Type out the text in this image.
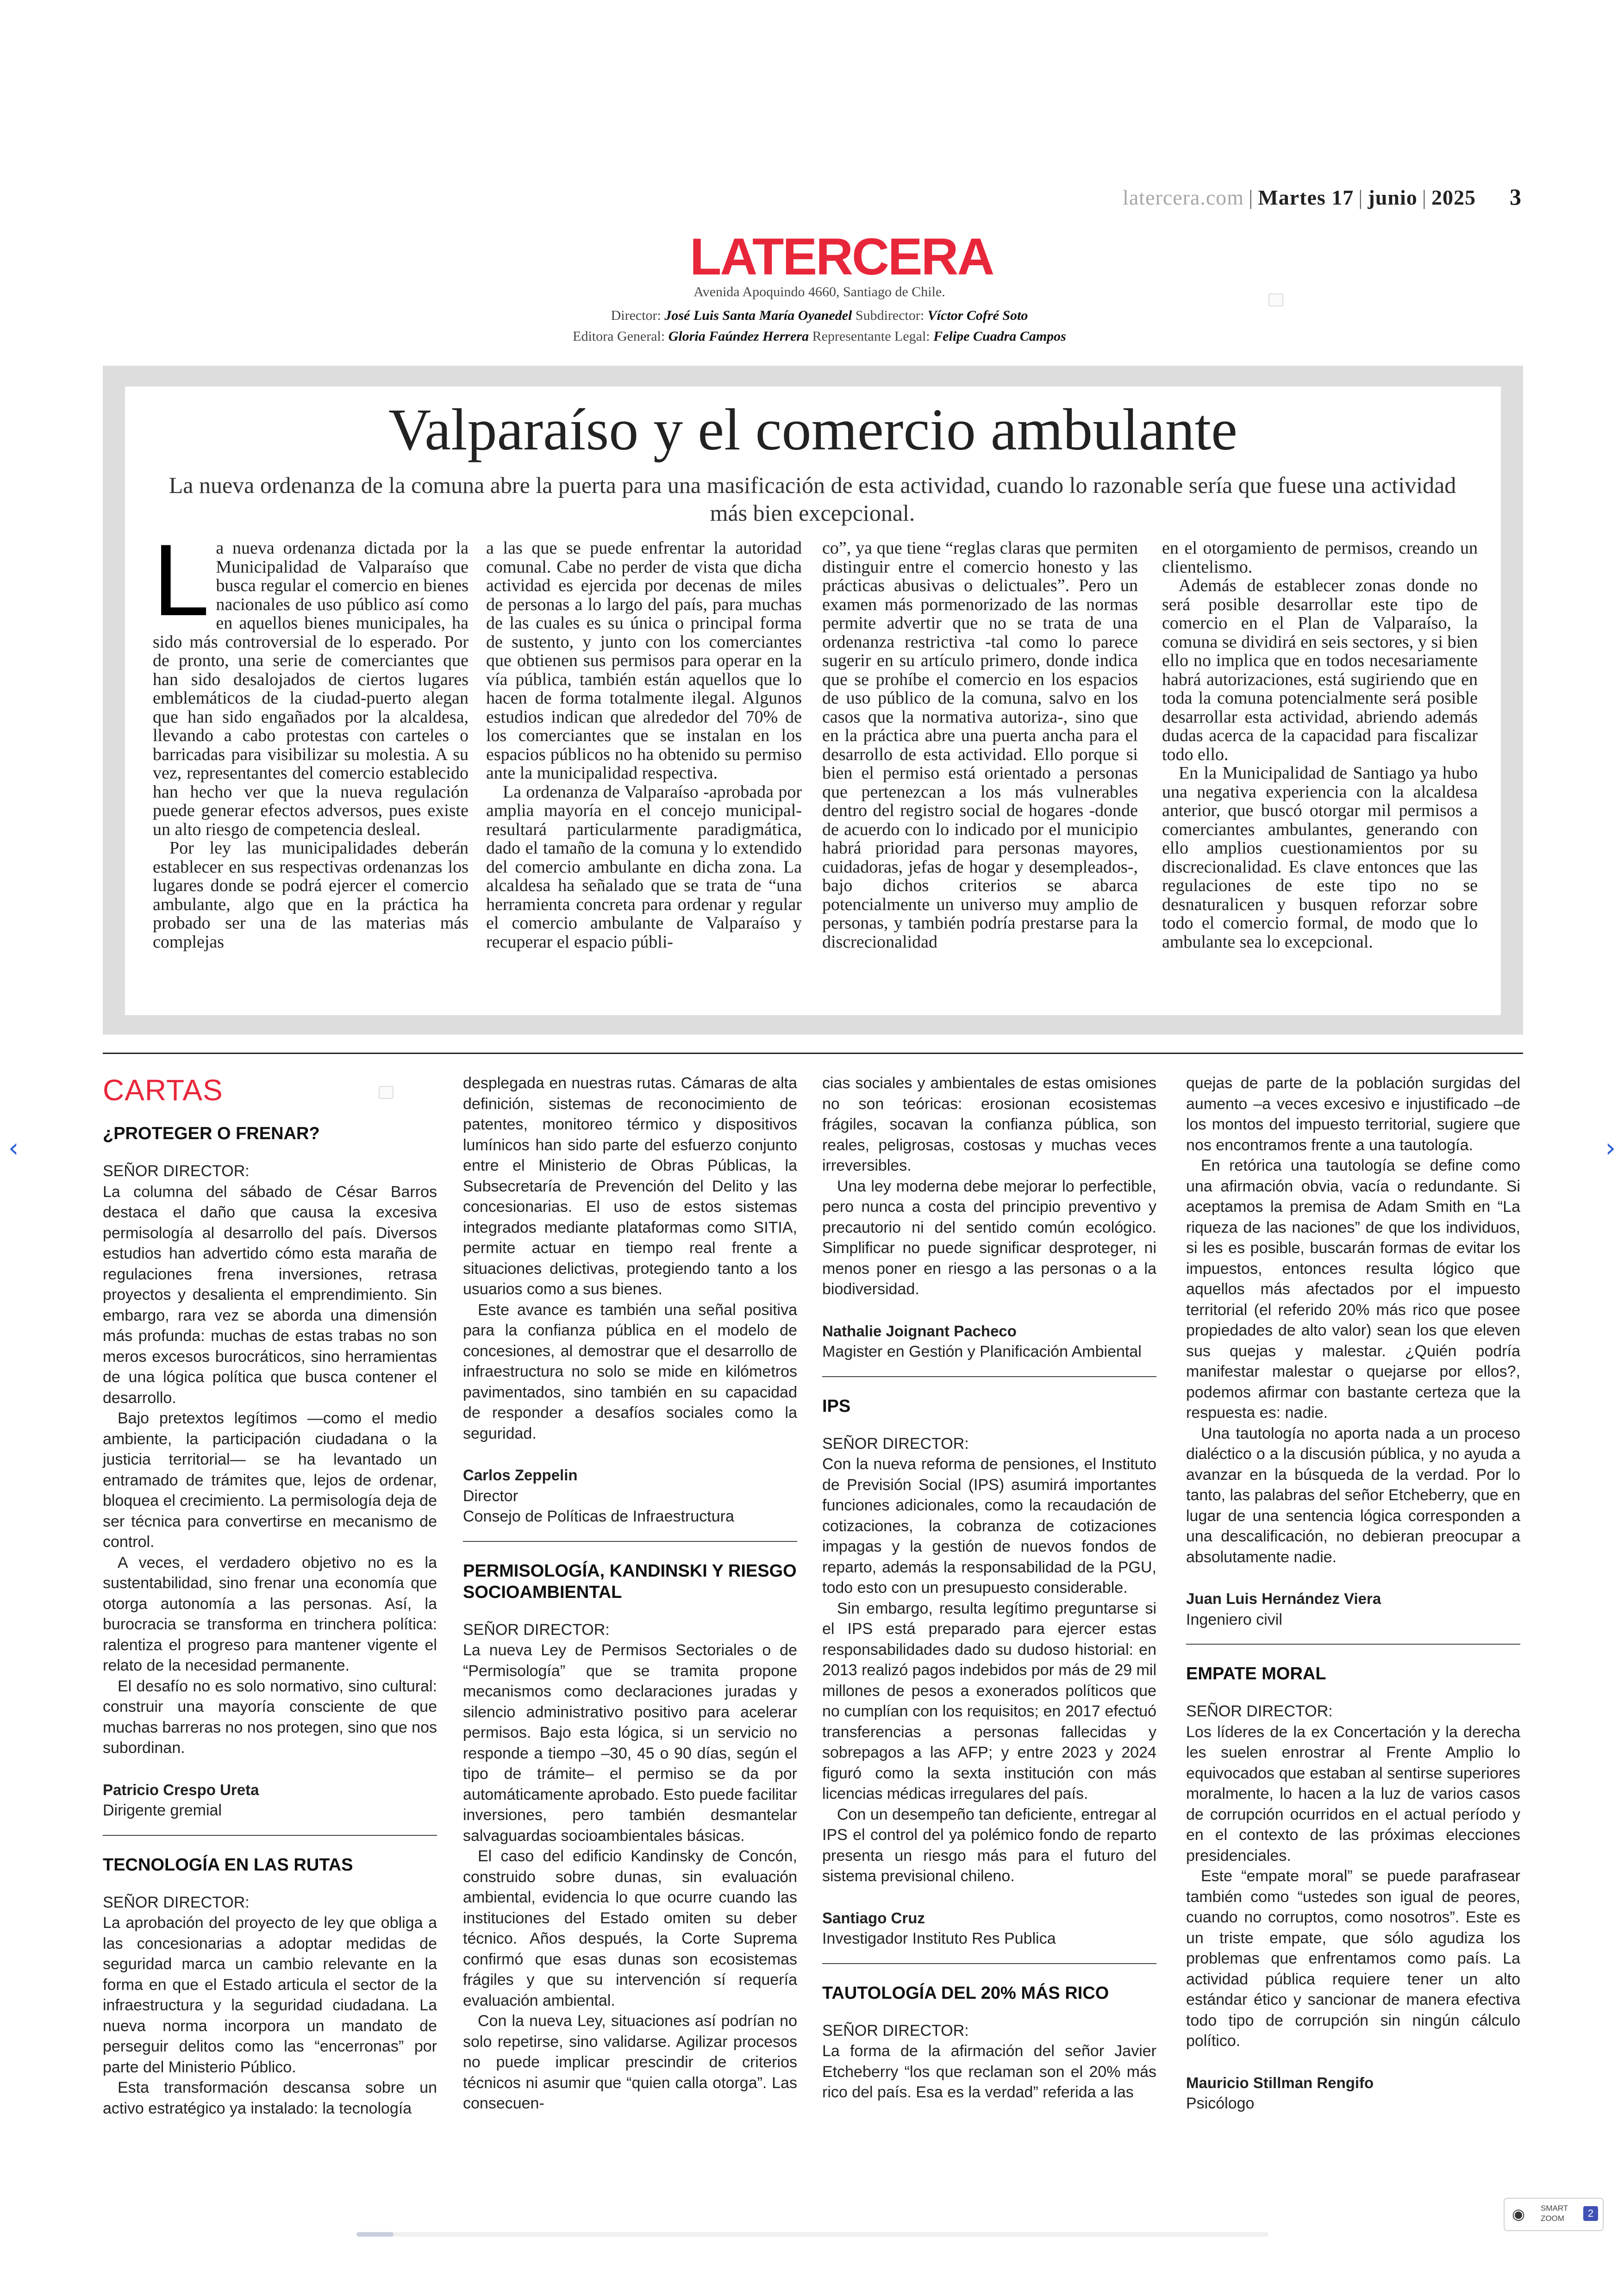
latercera.com | Martes 17 | junio | 2025	3
LATERCERA
Avenida Apoquindo 4660, Santiago de Chile.
Director: José Luis Santa María Oyanedel Subdirector: Víctor Cofré Soto
Editora General: Gloria Faúndez Herrera Representante Legal: Felipe Cuadra Campos
Valparaíso y el comercio ambulante
La nueva ordenanza de la comuna abre la puerta para una masificación de esta actividad, cuando lo razonable sería que fuese una actividad más bien excepcional.

La nueva ordenanza dictada por la Municipalidad de Valparaíso que busca regular el comercio en bienes nacionales de uso público así como en aquellos bienes municipales, ha sido más controversial de lo esperado. Por de pronto, una serie de comerciantes que han sido desalojados de ciertos lugares emblemáticos de la ciudad-puerto alegan que han sido engañados por la alcaldesa, llevando a cabo protestas con carteles o barricadas para visibilizar su molestia. A su vez, representantes del comercio establecido han hecho ver que la nueva regulación puede generar efectos adversos, pues existe un alto riesgo de competencia desleal.

Por ley las municipalidades deberán establecer en sus respectivas ordenanzas los lugares donde se podrá ejercer el comercio ambulante, algo que en la práctica ha probado ser una de las materias más complejas

a las que se puede enfrentar la autoridad comunal. Cabe no perder de vista que dicha actividad es ejercida por decenas de miles de personas a lo largo del país, para muchas de las cuales es su única o principal forma de sustento, y junto con los comerciantes que obtienen sus permisos para operar en la vía pública, también están aquellos que lo hacen de forma totalmente ilegal. Algunos estudios indican que alrededor del 70% de los comerciantes que se instalan en los espacios públicos no ha obtenido su permiso ante la municipalidad respectiva.

La ordenanza de Valparaíso -aprobada por amplia mayoría en el concejo municipal- resultará particularmente paradigmática, dado el tamaño de la comuna y lo extendido del comercio ambulante en dicha zona. La alcaldesa ha señalado que se trata de “una herramienta concreta para ordenar y regular el comercio ambulante de Valparaíso y recuperar el espacio públi-

co”, ya que tiene “reglas claras que permiten distinguir entre el comercio honesto y las prácticas abusivas o delictuales”. Pero un examen más pormenorizado de las normas permite advertir que no se trata de una ordenanza restrictiva -tal como lo parece sugerir en su artículo primero, donde indica que se prohíbe el comercio en los espacios de uso público de la comuna, salvo en los casos que la normativa autoriza-, sino que en la práctica abre una puerta ancha para el desarrollo de esta actividad. Ello porque si bien el permiso está orientado a personas que pertenezcan a los más vulnerables dentro del registro social de hogares -donde de acuerdo con lo indicado por el municipio habrá prioridad para personas mayores, cuidadoras, jefas de hogar y desempleados-, bajo dichos criterios se abarca potencialmente un universo muy amplio de personas, y también podría prestarse para la discrecionalidad

en el otorgamiento de permisos, creando un clientelismo.

Además de establecer zonas donde no será posible desarrollar este tipo de comercio en el Plan de Valparaíso, la comuna se dividirá en seis sectores, y si bien ello no implica que en todos necesariamente habrá autorizaciones, está sugiriendo que en toda la comuna potencialmente será posible desarrollar esta actividad, abriendo además dudas acerca de la capacidad para fiscalizar todo ello.

En la Municipalidad de Santiago ya hubo una negativa experiencia con la alcaldesa anterior, que buscó otorgar mil permisos a comerciantes ambulantes, generando con ello amplios cuestionamientos por su discrecionalidad. Es clave entonces que las regulaciones de este tipo no se desnaturalicen y busquen reforzar sobre todo el comercio formal, de modo que lo ambulante sea lo excepcional.

CARTAS
¿PROTEGER O FRENAR?

SEÑOR DIRECTOR:

La columna del sábado de César Barros destaca el daño que causa la excesiva permisología al desarrollo del país. Diversos estudios han advertido cómo esta maraña de regulaciones frena inversiones, retrasa proyectos y desalienta el emprendimiento. Sin embargo, rara vez se aborda una dimensión más profunda: muchas de estas trabas no son meros excesos burocráticos, sino herramientas de una lógica política que busca contener el desarrollo.

Bajo pretextos legítimos —como el medio ambiente, la participación ciudadana o la justicia territorial— se ha levantado un entramado de trámites que, lejos de ordenar, bloquea el crecimiento. La permisología deja de ser técnica para convertirse en mecanismo de control.

A veces, el verdadero objetivo no es la sustentabilidad, sino frenar una economía que otorga autonomía a las personas. Así, la burocracia se transforma en trinchera política: ralentiza el progreso para mantener vigente el relato de la necesidad permanente.

El desafío no es solo normativo, sino cultural: construir una mayoría consciente de que muchas barreras no nos protegen, sino que nos subordinan.

Patricio Crespo Ureta

Dirigente gremial

TECNOLOGÍA EN LAS RUTAS

SEÑOR DIRECTOR:

La aprobación del proyecto de ley que obliga a las concesionarias a adoptar medidas de seguridad marca un cambio relevante en la forma en que el Estado articula el sector de la infraestructura y la seguridad ciudadana. La nueva norma incorpora un mandato de perseguir delitos como las “encerronas” por parte del Ministerio Público.

Esta transformación descansa sobre un activo estratégico ya instalado: la tecnología

desplegada en nuestras rutas. Cámaras de alta definición, sistemas de reconocimiento de patentes, monitoreo térmico y dispositivos lumínicos han sido parte del esfuerzo conjunto entre el Ministerio de Obras Públicas, la Subsecretaría de Prevención del Delito y las concesionarias. El uso de estos sistemas integrados mediante plataformas como SITIA, permite actuar en tiempo real frente a situaciones delictivas, protegiendo tanto a los usuarios como a sus bienes.

Este avance es también una señal positiva para la confianza pública en el modelo de concesiones, al demostrar que el desarrollo de infraestructura no solo se mide en kilómetros pavimentados, sino también en su capacidad de responder a desafíos sociales como la seguridad.

Carlos Zeppelin

Director

Consejo de Políticas de Infraestructura

PERMISOLOGÍA, KANDINSKI Y RIESGO SOCIOAMBIENTAL

SEÑOR DIRECTOR:

La nueva Ley de Permisos Sectoriales o de “Permisología” que se tramita propone mecanismos como declaraciones juradas y silencio administrativo positivo para acelerar permisos. Bajo esta lógica, si un servicio no responde a tiempo –30, 45 o 90 días, según el tipo de trámite– el permiso se da por automáticamente aprobado. Esto puede facilitar inversiones, pero también desmantelar salvaguardas socioambientales básicas.

El caso del edificio Kandinsky de Concón, construido sobre dunas, sin evaluación ambiental, evidencia lo que ocurre cuando las instituciones del Estado omiten su deber técnico. Años después, la Corte Suprema confirmó que esas dunas son ecosistemas frágiles y que su intervención sí requería evaluación ambiental.

Con la nueva Ley, situaciones así podrían no solo repetirse, sino validarse. Agilizar procesos no puede implicar prescindir de criterios técnicos ni asumir que “quien calla otorga”. Las consecuen-

cias sociales y ambientales de estas omisiones no son teóricas: erosionan ecosistemas frágiles, socavan la confianza pública, son reales, peligrosas, costosas y muchas veces irreversibles.

Una ley moderna debe mejorar lo perfectible, pero nunca a costa del principio preventivo y precautorio ni del sentido común ecológico. Simplificar no puede significar desproteger, ni menos poner en riesgo a las personas o a la biodiversidad.

Nathalie Joignant Pacheco

Magister en Gestión y Planificación Ambiental

IPS

SEÑOR DIRECTOR:

Con la nueva reforma de pensiones, el Instituto de Previsión Social (IPS) asumirá importantes funciones adicionales, como la recaudación de cotizaciones, la cobranza de cotizaciones impagas y la gestión de nuevos fondos de reparto, además la responsabilidad de la PGU, todo esto con un presupuesto considerable.

Sin embargo, resulta legítimo preguntarse si el IPS está preparado para ejercer estas responsabilidades dado su dudoso historial: en 2013 realizó pagos indebidos por más de 29 mil millones de pesos a exonerados políticos que no cumplían con los requisitos; en 2017 efectuó transferencias a personas fallecidas y sobrepagos a las AFP; y entre 2023 y 2024 figuró como la sexta institución con más licencias médicas irregulares del país.

Con un desempeño tan deficiente, entregar al IPS el control del ya polémico fondo de reparto presenta un riesgo más para el futuro del sistema previsional chileno.

Santiago Cruz

Investigador Instituto Res Publica

TAUTOLOGÍA DEL 20% MÁS RICO

SEÑOR DIRECTOR:

La forma de la afirmación del señor Javier Etcheberry “los que reclaman son el 20% más rico del país. Esa es la verdad” referida a las

quejas de parte de la población surgidas del aumento –a veces excesivo e injustificado –de los montos del impuesto territorial, sugiere que nos encontramos frente a una tautología.

En retórica una tautología se define como una afirmación obvia, vacía o redundante. Si aceptamos la premisa de Adam Smith en “La riqueza de las naciones” de que los individuos, si les es posible, buscarán formas de evitar los impuestos, entonces resulta lógico que aquellos más afectados por el impuesto territorial (el referido 20% más rico que posee propiedades de alto valor) sean los que eleven sus quejas y malestar. ¿Quién podría manifestar malestar o quejarse por ellos?, podemos afirmar con bastante certeza que la respuesta es: nadie.

Una tautología no aporta nada a un proceso dialéctico o a la discusión pública, y no ayuda a avanzar en la búsqueda de la verdad. Por lo tanto, las palabras del señor Etcheberry, que en lugar de una sentencia lógica corresponden a una descalificación, no debieran preocupar a absolutamente nadie.

Juan Luis Hernández Viera

Ingeniero civil

EMPATE MORAL

SEÑOR DIRECTOR:

Los líderes de la ex Concertación y la derecha les suelen enrostrar al Frente Amplio lo equivocados que estaban al sentirse superiores moralmente, lo hacen a la luz de varios casos de corrupción ocurridos en el actual período y en el contexto de las próximas elecciones presidenciales.

Este “empate moral” se puede parafrasear también como “ustedes son igual de peores, cuando no corruptos, como nosotros”. Este es un triste empate, que sólo agudiza los problemas que enfrentamos como país. La actividad pública requiere tener un alto estándar ético y sancionar de manera efectiva todo tipo de corrupción sin ningún cálculo político.

Mauricio Stillman Rengifo

Psicólogo

‹	›
◉ SMART
ZOOM	2
